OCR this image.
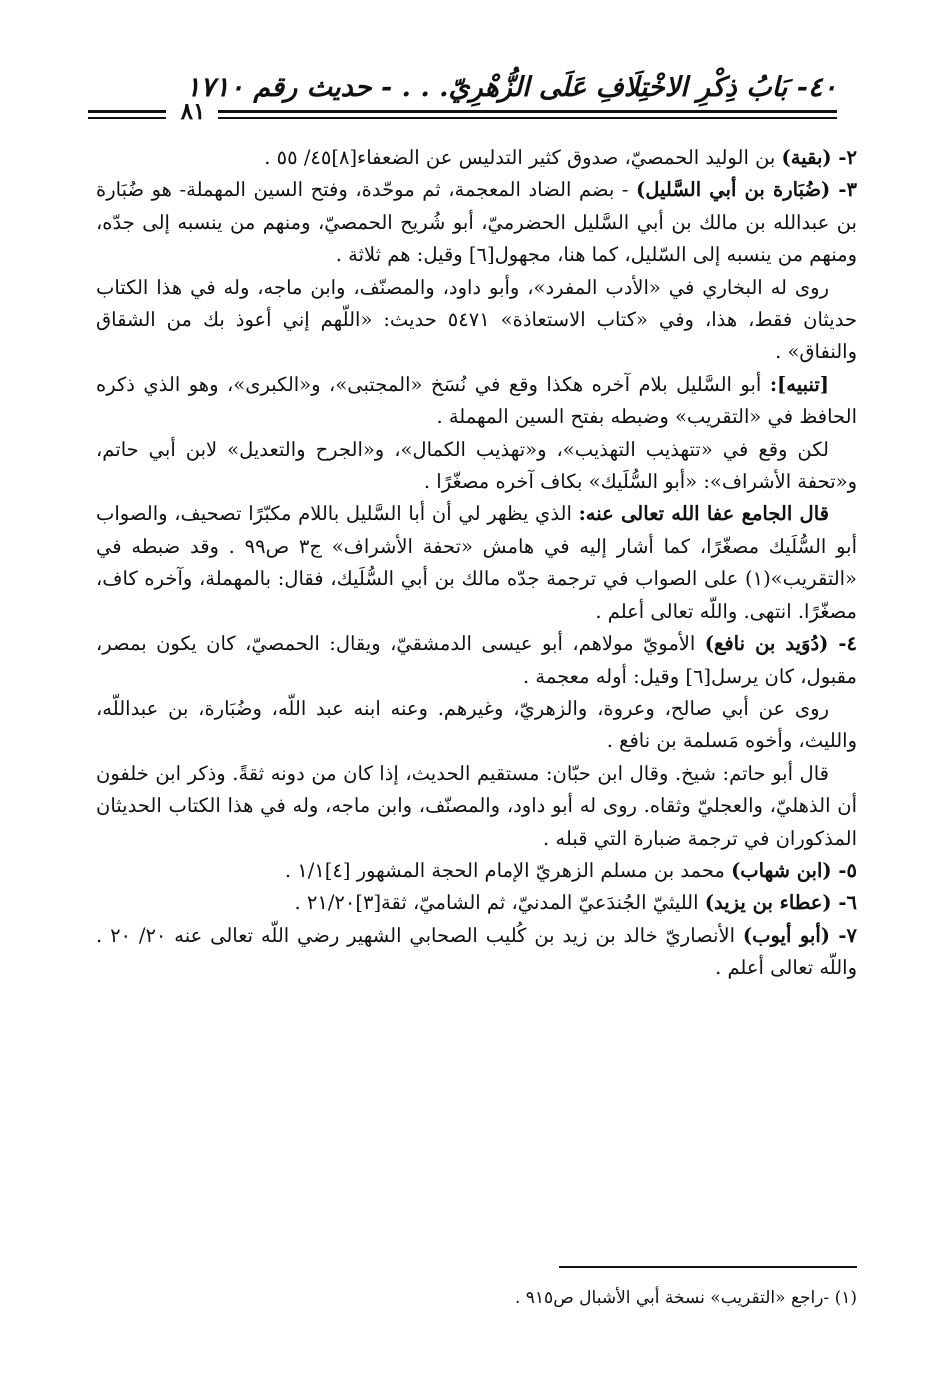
٤٠- بَابُ ذِكْرِ الاخْتِلَافِ عَلَى الزُّهْرِيّ. . . - حديث رقم ١٧١٠
٨١

٢- (بقية) بن الوليد الحمصيّ، صدوق كثير التدليس عن الضعفاء[٨]٤٥/ ٥٥ .

٣- (ضُبَارة بن أبي السَّليل) - بضم الضاد المعجمة، ثم موحّدة، وفتح السين المهملة- هو ضُبَارة بن عبدالله بن مالك بن أبي السَّليل الحضرميّ، أبو شُريح الحمصيّ، ومنهم من ينسبه إلى جدّه، ومنهم من ينسبه إلى السّليل، كما هنا، مجهول[٦] وقيل: هم ثلاثة .

روى له البخاري في «الأدب المفرد»، وأبو داود، والمصنّف، وابن ماجه، وله في هذا الكتاب حديثان فقط، هذا، وفي «كتاب الاستعاذة» ٥٤٧١ حديث: «اللّهم إني أعوذ بك من الشقاق والنفاق» .

[تنبيه]: أبو السَّليل بلام آخره هكذا وقع في نُسَخ «المجتبى»، و«الكبرى»، وهو الذي ذكره الحافظ في «التقريب» وضبطه بفتح السين المهملة .

لكن وقع في «تتهذيب التهذيب»، و«تهذيب الكمال»، و«الجرح والتعديل» لابن أبي حاتم، و«تحفة الأشراف»: «أبو السُّلَيك» بكاف آخره مصغّرًا .

قال الجامع عفا الله تعالى عنه: الذي يظهر لي أن أبا السَّليل باللام مكبّرًا تصحيف، والصواب أبو السُّلَيك مصغّرًا، كما أشار إليه في هامش «تحفة الأشراف» ج٣ ص٩٩ . وقد ضبطه في «التقريب»(١) على الصواب في ترجمة جدّه مالك بن أبي السُّلَيك، فقال: بالمهملة، وآخره كاف، مصغّرًا. انتهى. واللّه تعالى أعلم .

٤- (دُوَيد بن نافع) الأمويّ مولاهم، أبو عيسى الدمشقيّ، ويقال: الحمصيّ، كان يكون بمصر، مقبول، كان يرسل[٦] وقيل: أوله معجمة .

روى عن أبي صالح، وعروة، والزهريّ، وغيرهم. وعنه ابنه عبد اللّه، وضُبَارة، بن عبداللّه، والليث، وأخوه مَسلمة بن نافع .

قال أبو حاتم: شيخ. وقال ابن حبّان: مستقيم الحديث، إذا كان من دونه ثقةً. وذكر ابن خلفون أن الذهليّ، والعجليّ وثقاه. روى له أبو داود، والمصنّف، وابن ماجه، وله في هذا الكتاب الحديثان المذكوران في ترجمة ضبارة التي قبله .

٥- (ابن شهاب) محمد بن مسلم الزهريّ الإمام الحجة المشهور [٤]١/١ .

٦- (عطاء بن يزيد) الليثيّ الجُندَعيّ المدنيّ، ثم الشاميّ، ثقة[٣]٢١/٢٠ .

٧- (أبو أيوب) الأنصاريّ خالد بن زيد بن كُليب الصحابي الشهير رضي اللّه تعالى عنه ٢٠/ ٢٠ . واللّه تعالى أعلم .

(١) -راجع «التقريب» نسخة أبي الأشبال ص٩١٥ .
